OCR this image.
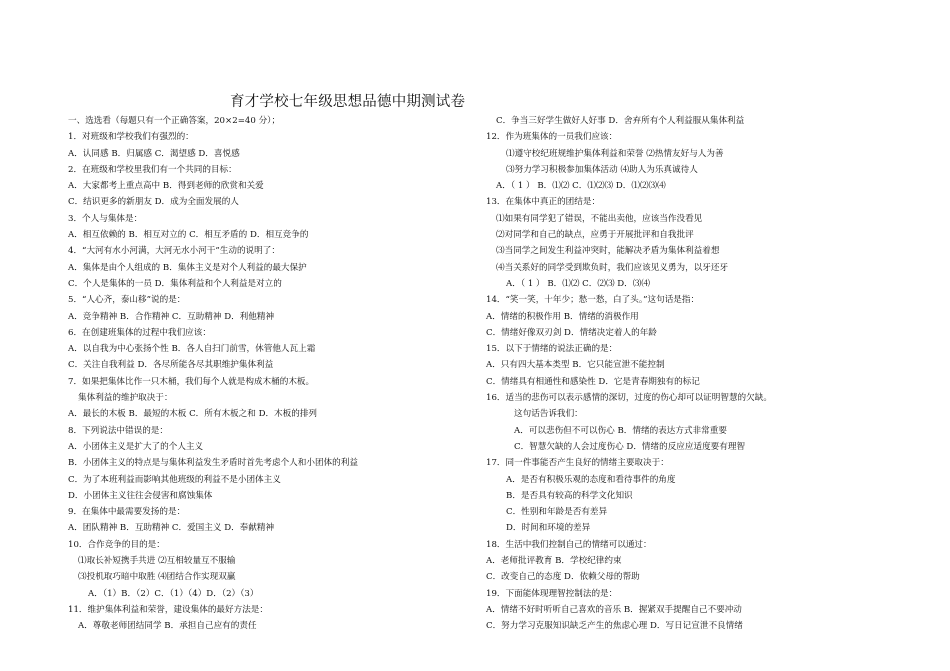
育才学校七年级思想品德中期测试卷
一、选选看（每题只有一个正确答案，20×2=40 分）；
1．对班级和学校我们有强烈的：
A．认同感 B．归属感 C．渴望感 D．喜悦感
2．在班级和学校里我们有一个共同的目标：
A．大家都考上重点高中 B．得到老师的欣赏和关爱
C．结识更多的新朋友 D．成为全面发展的人
3．个人与集体是：
A．相互依赖的 B．相互对立的 C．相互矛盾的 D．相互竞争的
4．“大河有水小河满，大河无水小河干”生动的说明了：
A．集体是由个人组成的 B．集体主义是对个人利益的最大保护
C．个人是集体的一员 D．集体利益和个人利益是对立的
5．“人心齐，泰山移”说的是：
A．竞争精神 B．合作精神 C．互助精神 D．利他精神
6．在创建班集体的过程中我们应该：
A．以自我为中心张扬个性 B．各人自扫门前雪，休管他人瓦上霜
C．关注自我利益 D．各尽所能各尽其职维护集体利益
7．如果把集体比作一只木桶，我们每个人就是构成木桶的木板。
集体利益的维护取决于：
A．最长的木板 B．最短的木板 C．所有木板之和 D．木板的排列
8．下列说法中错误的是：
A．小团体主义是扩大了的个人主义
B．小团体主义的特点是与集体利益发生矛盾时首先考虑个人和小团体的利益
C．为了本班利益而影响其他班级的利益不是小团体主义
D．小团体主义往往会侵害和腐蚀集体
9．在集体中最需要发扬的是：
A．团队精神 B．互助精神 C．爱国主义 D．奉献精神
10．合作竞争的目的是：
⑴取长补短携手共进 ⑵互相较量互不服输
⑶投机取巧暗中取胜 ⑷团结合作实现双赢
A．（1）B．（2）C．（1）（4）D．（2）（3）
11．维护集体利益和荣誉，建设集体的最好方法是：
A．尊敬老师团结同学 B．承担自己应有的责任
C．争当三好学生做好人好事 D．舍弃所有个人利益服从集体利益
12．作为班集体的一员我们应该：
⑴遵守校纪班规维护集体利益和荣誉 ⑵热情友好与人为善
⑶努力学习积极参加集体活动 ⑷助人为乐真诚待人
A．（ 1 ） B．⑴⑵ C．⑴⑵⑶ D．⑴⑵⑶⑷
13．在集体中真正的团结是：
⑴如果有同学犯了错误，不能出卖他，应该当作没看见
⑵对同学和自己的缺点，应勇于开展批评和自我批评
⑶当同学之间发生利益冲突时，能解决矛盾为集体利益着想
⑷当关系好的同学受到欺负时，我们应该见义勇为，以牙还牙
A．（ 1 ） B．⑴⑵ C．⑵⑶ D．⑶⑷
14．“笑一笑，十年少；愁一愁，白了头。”这句话是指：
A．情绪的积极作用 B．情绪的消极作用
C．情绪好像双刃剑 D．情绪决定着人的年龄
15．以下于情绪的说法正确的是：
A．只有四大基本类型 B．它只能宣泄不能控制
C．情绪具有相通性和感染性 D．它是青春期独有的标记
16．适当的悲伤可以表示感情的深切，过度的伤心却可以证明智慧的欠缺。
这句话告诉我们：
A．可以悲伤但不可以伤心 B．情绪的表达方式非常重要
C．智慧欠缺的人会过度伤心 D．情绪的反应应适度要有理智
17．同一件事能否产生良好的情绪主要取决于：
A．是否有积极乐观的态度和看待事件的角度
B．是否具有较高的科学文化知识
C．性别和年龄是否有差异
D．时间和环境的差异
18．生活中我们控制自己的情绪可以通过：
A．老师批评教育 B．学校纪律约束
C．改变自己的态度 D．依赖父母的帮助
19．下面能体现理智控制法的是：
A．情绪不好时听听自己喜欢的音乐 B．握紧双手提醒自己不要冲动
C．努力学习克服知识缺乏产生的焦虑心理 D．写日记宣泄不良情绪
